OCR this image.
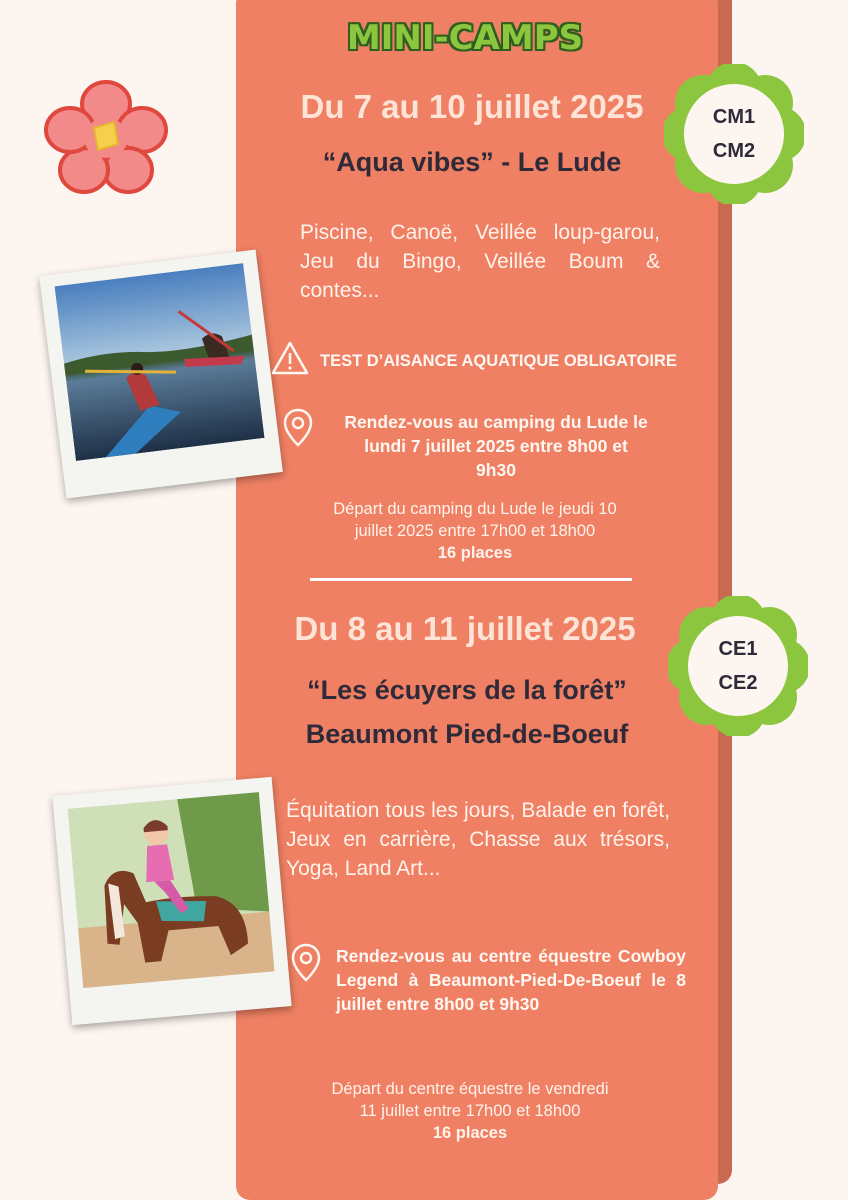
MINI-CAMPS
Du 7 au 10 juillet 2025
“Aqua vibes” - Le Lude
CM1
CM2
Piscine, Canoë, Veillée loup-garou, Jeu du Bingo, Veillée Boum & contes...
TEST D’AISANCE AQUATIQUE OBLIGATOIRE
Rendez-vous au camping du Lude le
lundi 7 juillet 2025 entre 8h00 et
9h30
Départ du camping du Lude le jeudi 10
juillet 2025 entre 17h00 et 18h00
16 places
Du 8 au 11 juillet 2025
“Les écuyers de la forêt”
Beaumont Pied-de-Boeuf
CE1
CE2
Équitation tous les jours, Balade en forêt, Jeux en carrière, Chasse aux trésors, Yoga, Land Art...
Rendez-vous au centre équestre Cowboy Legend à Beaumont-Pied-De-Boeuf le 8 juillet entre 8h00 et 9h30
Départ du centre équestre le vendredi
11 juillet entre 17h00 et 18h00
16 places
